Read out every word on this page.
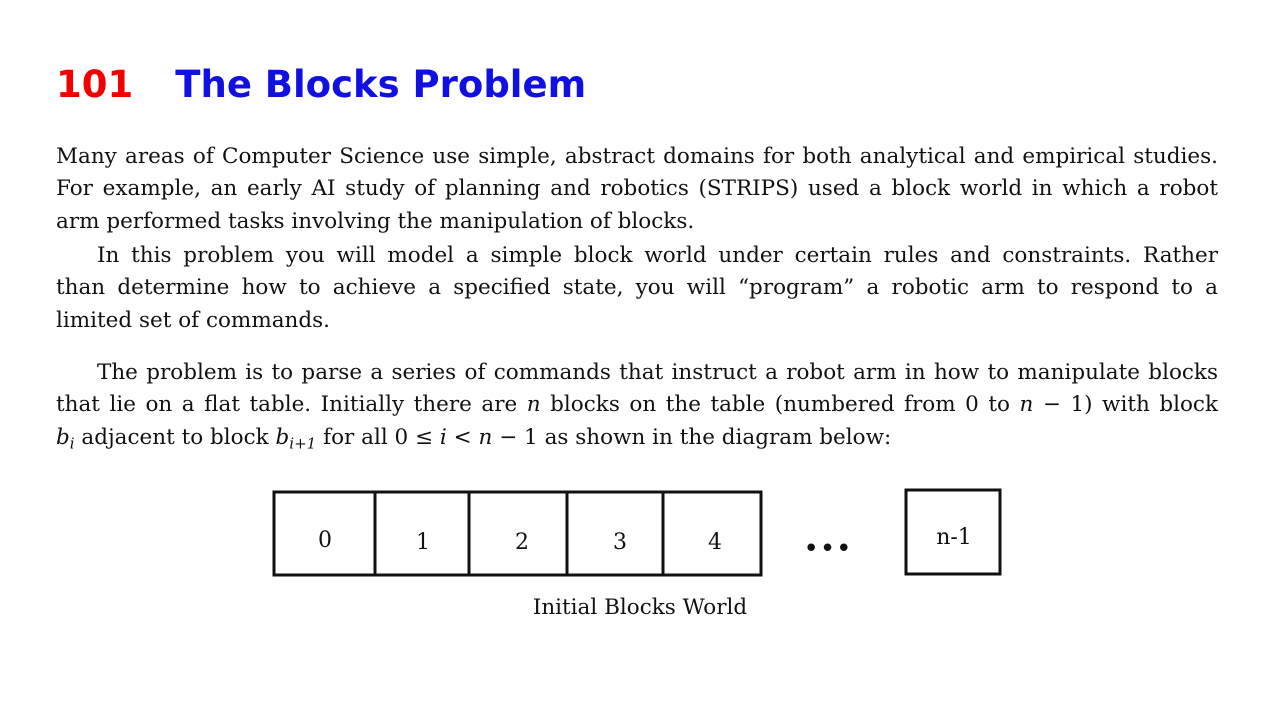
101 The Blocks Problem

Many areas of Computer Science use simple, abstract domains for both analytical and empirical studies.
For example, an early AI study of planning and robotics (STRIPS) used a block world in which a robot
arm performed tasks involving the manipulation of blocks.

In this problem you will model a simple block world under certain rules and constraints. Rather
than determine how to achieve a specified state, you will “program” a robotic arm to respond to a
limited set of commands.

The problem is to parse a series of commands that instruct a robot arm in how to manipulate blocks
that lie on a flat table. Initially there are n blocks on the table (numbered from 0 to n − 1) with block
$b_i$ adjacent to block $b_{i+1}$ for all 0 ≤ i < n − 1 as shown in the diagram below:

0	1	2	3	4	•••	n-1
Initial Blocks World
